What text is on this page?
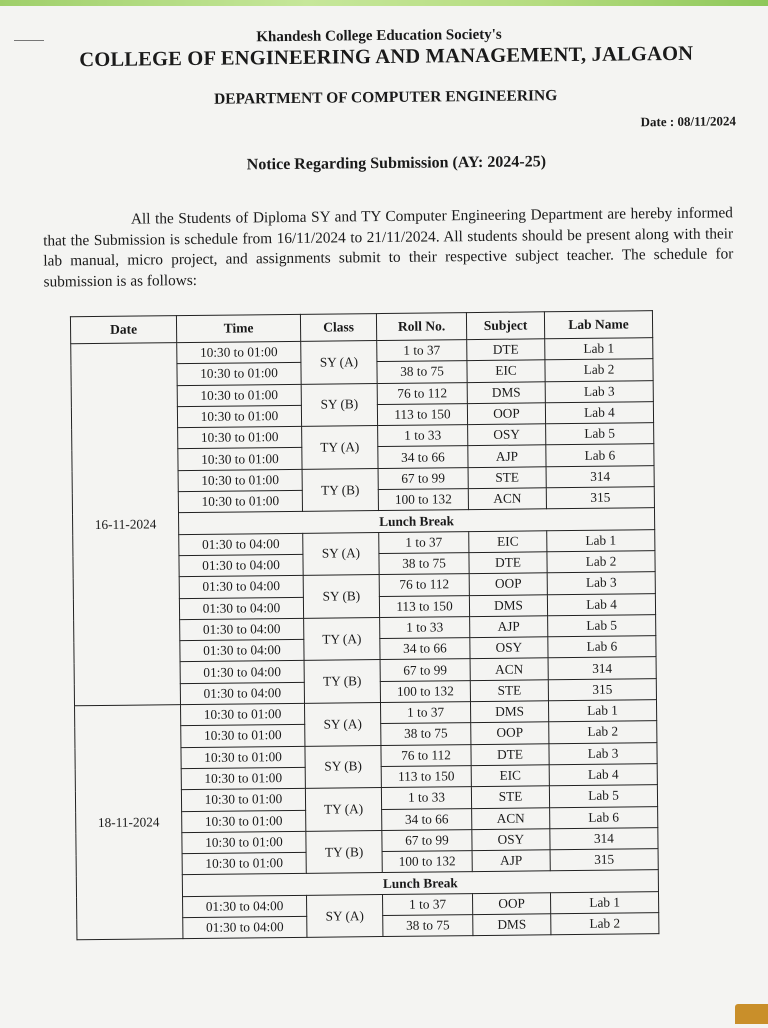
Khandesh College Education Society's
COLLEGE OF ENGINEERING AND MANAGEMENT, JALGAON
DEPARTMENT OF COMPUTER ENGINEERING
Date : 08/11/2024
Notice Regarding Submission (AY: 2024-25)
All the Students of Diploma SY and TY Computer Engineering Department are hereby informed that the Submission is schedule from 16/11/2024 to 21/11/2024. All students should be present along with their lab manual, micro project, and assignments submit to their respective subject teacher. The schedule for submission is as follows:
Date	Time	Class	Roll No.	Subject	Lab Name
16-11-2024	10:30 to 01:00	SY (A)	1 to 37	DTE	Lab 1
	10:30 to 01:00		38 to 75	EIC	Lab 2
	10:30 to 01:00	SY (B)	76 to 112	DMS	Lab 3
	10:30 to 01:00		113 to 150	OOP	Lab 4
	10:30 to 01:00	TY (A)	1 to 33	OSY	Lab 5
	10:30 to 01:00		34 to 66	AJP	Lab 6
	10:30 to 01:00	TY (B)	67 to 99	STE	314
	10:30 to 01:00		100 to 132	ACN	315
	Lunch Break				
	01:30 to 04:00	SY (A)	1 to 37	EIC	Lab 1
	01:30 to 04:00		38 to 75	DTE	Lab 2
	01:30 to 04:00	SY (B)	76 to 112	OOP	Lab 3
	01:30 to 04:00		113 to 150	DMS	Lab 4
	01:30 to 04:00	TY (A)	1 to 33	AJP	Lab 5
	01:30 to 04:00		34 to 66	OSY	Lab 6
	01:30 to 04:00	TY (B)	67 to 99	ACN	314
	01:30 to 04:00		100 to 132	STE	315
18-11-2024	10:30 to 01:00	SY (A)	1 to 37	DMS	Lab 1
	10:30 to 01:00		38 to 75	OOP	Lab 2
	10:30 to 01:00	SY (B)	76 to 112	DTE	Lab 3
	10:30 to 01:00		113 to 150	EIC	Lab 4
	10:30 to 01:00	TY (A)	1 to 33	STE	Lab 5
	10:30 to 01:00		34 to 66	ACN	Lab 6
	10:30 to 01:00	TY (B)	67 to 99	OSY	314
	10:30 to 01:00		100 to 132	AJP	315
	Lunch Break				
	01:30 to 04:00	SY (A)	1 to 37	OOP	Lab 1
	01:30 to 04:00		38 to 75	DMS	Lab 2
